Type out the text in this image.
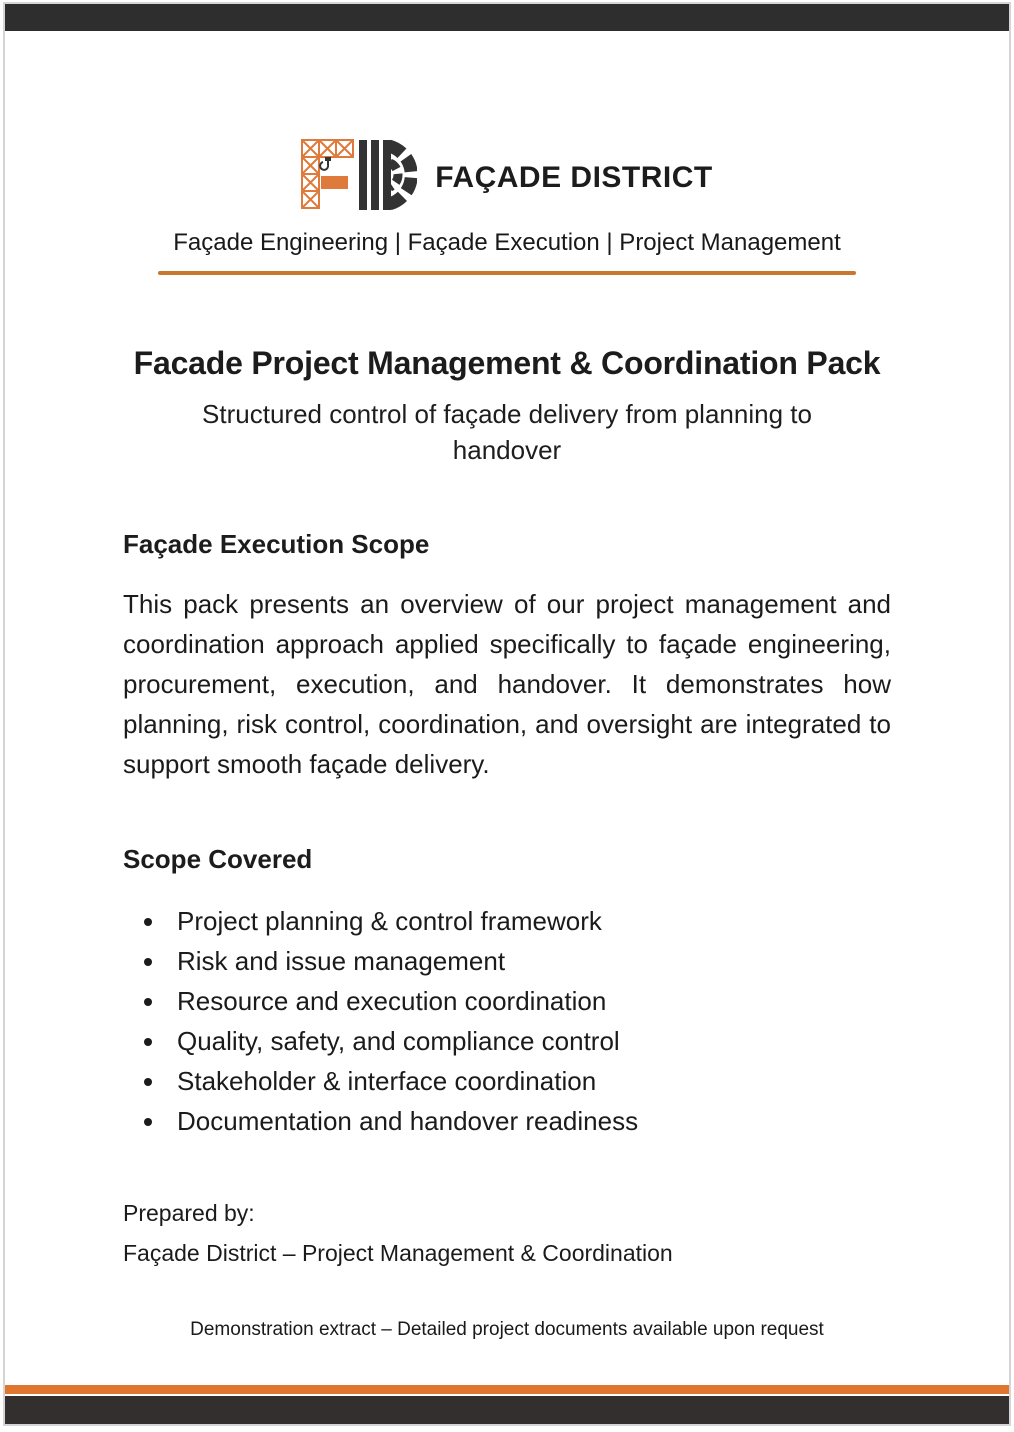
FAÇADE DISTRICT
Façade Engineering | Façade Execution | Project Management
Facade Project Management & Coordination Pack
Structured control of façade delivery from planning to handover
Façade Execution Scope

This pack presents an overview of our project management and coordination approach applied specifically to façade engineering, procurement, execution, and handover. It demonstrates how planning, risk control, coordination, and oversight are integrated to support smooth façade delivery.

Scope Covered
• Project planning & control framework
• Risk and issue management
• Resource and execution coordination
• Quality, safety, and compliance control
• Stakeholder & interface coordination
• Documentation and handover readiness
Prepared by:
Façade District – Project Management & Coordination
Demonstration extract – Detailed project documents available upon request
